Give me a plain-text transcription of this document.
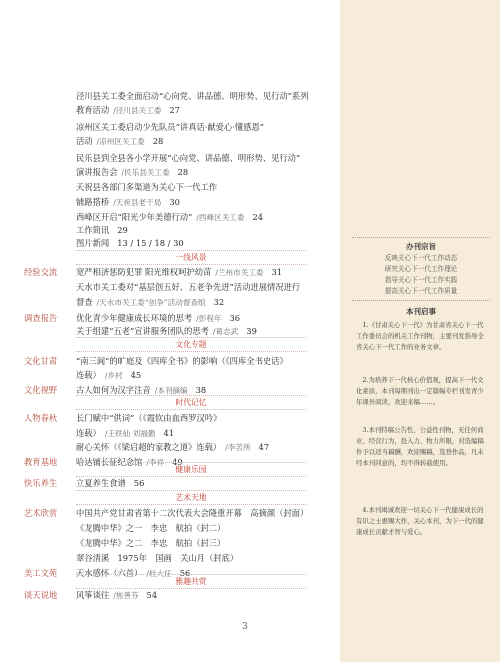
泾川县关工委全面启动“心向党、讲品德、明形势、见行动”系列
教育活动 /泾川县关工委 27
凉州区关工委启动少先队员“讲真话·献爱心·懂感恩”
活动 /凉州区关工委 28
民乐县到全县各小学开展“心向党、讲品德、明形势、见行动”
演讲报告会 /民乐县关工委 28
天祝县各部门多渠道为关心下一代工作
铺路搭桥 /天祝县老干局 30
西峰区开启“阳光少年美德行动” /西峰区关工委 24
工作简讯 29
图片新闻 13 / 15 / 18 / 30
经验交流 宽严相济惩防犯罪 阳光维权呵护幼苗 /兰州市关工委 31
天水市关工委对“基层创五好、五老争先进”活动进展情况进行
督查 /天水市关工委“创争”活动督查组 32
调查报告 优化青少年健康成长环境的思考 /彭程年 36
关于组建“五老”宣讲服务团队的思考 /葛志武 39
文化甘肃 “南三阆”的旷庭及《四库全书》的影响（《四库全书史话》
连载） /乡村 45
文化视野 古人如何为汉字注音 /本刊摘编 38
人物春秋 长门赋中“供词”（《霞钦由血西罗汉吟》
连载） /王铁仙 刘福勤 41
耐心关怀（《梁启超的家教之道》连载） /李苦所 47
教育基地 哈达铺长征纪念馆 /李祥 49
快乐养生 立夏养生食谱 56
艺术欣赏 中国共产党甘肃省第十二次代表大会隆重开幕　高摘颜（封面）
《龙腾中华》之一　李忠　航拍（封二）
《龙腾中华》之二　李忠　航拍（封三）
翠谷清溪　1975年　国画　关山月（封底）
美工文苑 天水感怀（六首） /杜大任 56
谈天说地 风筝谈往 /焦善芬 54
一线风景
文化专题
时代记忆
健康乐园
艺术天地
雅趣共赏
3
办刊宗旨
反映关心下一代工作动态
研究关心下一代工作理论
指导关心下一代工作实践
提高关心下一代工作质量
本刊启事
1.《甘肃关心下一代》为甘肃省关心下一代工作委员会的机关工作刊物，主要刊发指导全省关心下一代工作的业务文章。
2.为培养下一代核心价值观，提高下一代文化素质，本刊每期刊出一定篇幅专栏刊发青少年课外阅读，欢迎来稿……。
3.本刊特稿公告性、公益性刊物，无任何商业、经营行为，投入力、物力所限，对选编稿件予以适当稿酬，欢迎赐稿，选登作品，凡未经本刊同意的，均不得转载使用。
4.本刊竭诚欢迎一切关心下一代健康成长的有识之士惠赐大作，关心本刊，为下一代的健康成长贡献才智与爱心。
